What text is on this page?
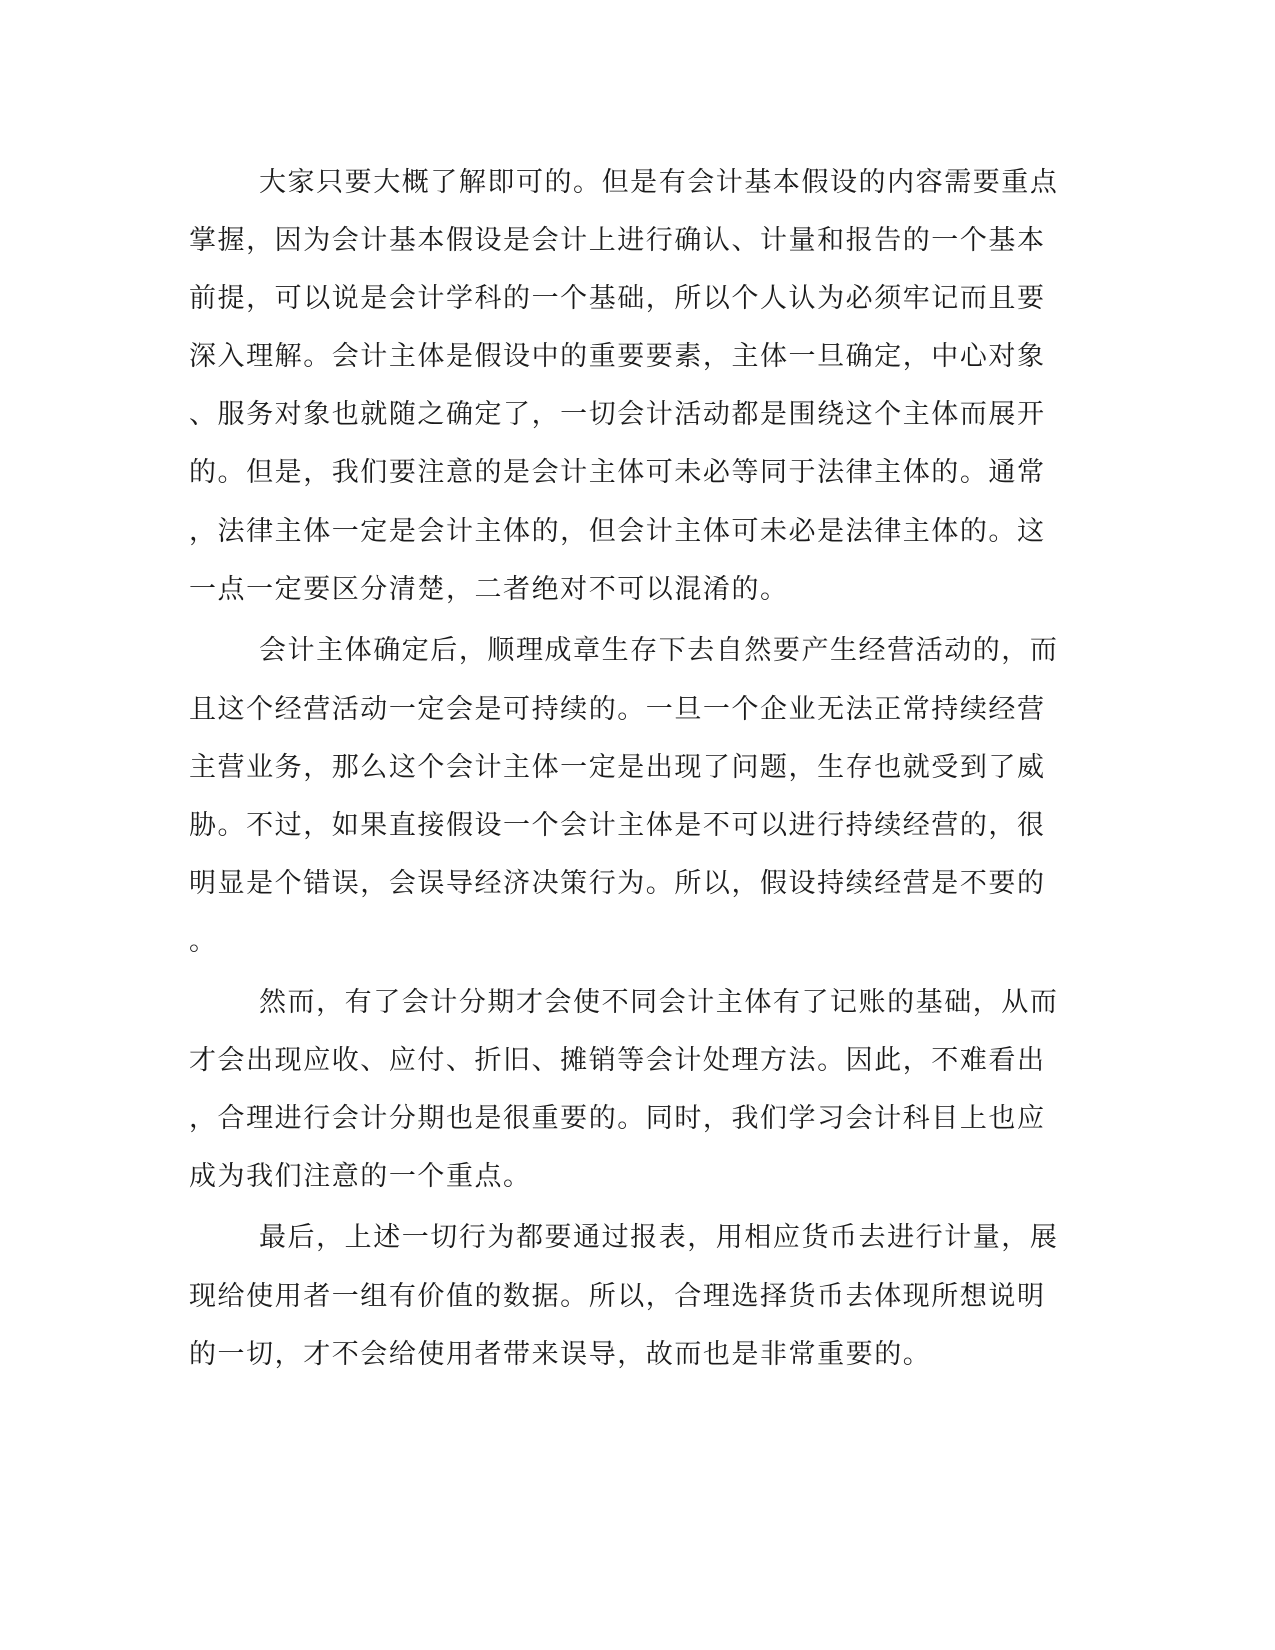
大家只要大概了解即可的。但是有会计基本假设的内容需要重点
掌握，因为会计基本假设是会计上进行确认、计量和报告的一个基本
前提，可以说是会计学科的一个基础，所以个人认为必须牢记而且要
深入理解。会计主体是假设中的重要要素，主体一旦确定，中心对象
、服务对象也就随之确定了，一切会计活动都是围绕这个主体而展开
的。但是，我们要注意的是会计主体可未必等同于法律主体的。通常
，法律主体一定是会计主体的，但会计主体可未必是法律主体的。这
一点一定要区分清楚，二者绝对不可以混淆的。
会计主体确定后，顺理成章生存下去自然要产生经营活动的，而
且这个经营活动一定会是可持续的。一旦一个企业无法正常持续经营
主营业务，那么这个会计主体一定是出现了问题，生存也就受到了威
胁。不过，如果直接假设一个会计主体是不可以进行持续经营的，很
明显是个错误，会误导经济决策行为。所以，假设持续经营是不要的
。
然而，有了会计分期才会使不同会计主体有了记账的基础，从而
才会出现应收、应付、折旧、摊销等会计处理方法。因此，不难看出
，合理进行会计分期也是很重要的。同时，我们学习会计科目上也应
成为我们注意的一个重点。
最后，上述一切行为都要通过报表，用相应货币去进行计量，展
现给使用者一组有价值的数据。所以，合理选择货币去体现所想说明
的一切，才不会给使用者带来误导，故而也是非常重要的。
